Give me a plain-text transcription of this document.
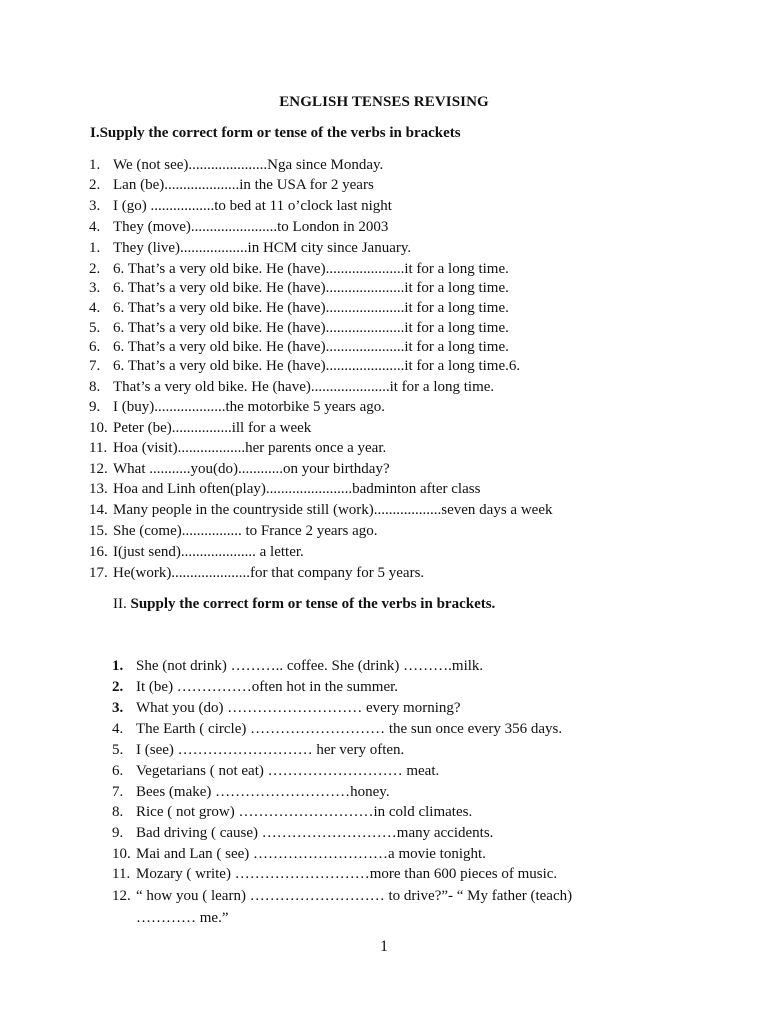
ENGLISH TENSES REVISING
I.Supply the correct form or tense of the verbs in brackets
1. We (not see).....................Nga since Monday.
2. Lan (be)....................in the USA for 2 years
3. I (go) .................to bed at 11 o’clock last night
4. They (move).......................to London in 2003
1. They (live)..................in HCM city since January.
2. 6. That’s a very old bike. He (have).....................it for a long time.
3. 6. That’s a very old bike. He (have).....................it for a long time.
4. 6. That’s a very old bike. He (have).....................it for a long time.
5. 6. That’s a very old bike. He (have).....................it for a long time.
6. 6. That’s a very old bike. He (have).....................it for a long time.
7. 6. That’s a very old bike. He (have).....................it for a long time.6.
8. That’s a very old bike. He (have).....................it for a long time.
9. I (buy)...................the motorbike 5 years ago.
10. Peter (be)................ill for a week
11. Hoa (visit)..................her parents once a year.
12. What ...........you(do)............on your birthday?
13. Hoa and Linh often(play).......................badminton after class
14. Many people in the countryside still (work)..................seven days a week
15. She (come)................ to France 2 years ago.
16. I(just send).................... a letter.
17. He(work).....................for that company for 5 years.
II. Supply the correct form or tense of the verbs in brackets.
1. She (not drink) ……….. coffee. She (drink) ……….milk.
2. It (be) ……………often hot in the summer.
3. What you (do) ……………………… every morning?
4. The Earth ( circle) ……………………… the sun once every 356 days.
5. I (see) ……………………… her very often.
6. Vegetarians ( not eat) ……………………… meat.
7. Bees (make) ………………………honey.
8. Rice ( not grow) ………………………in cold climates.
9. Bad driving ( cause) ………………………many accidents.
10. Mai and Lan ( see) ………………………a movie tonight.
11. Mozary ( write) ………………………more than 600 pieces of music.
12. “ how you ( learn) ……………………… to drive?”- “ My father (teach)
………… me.”
1
